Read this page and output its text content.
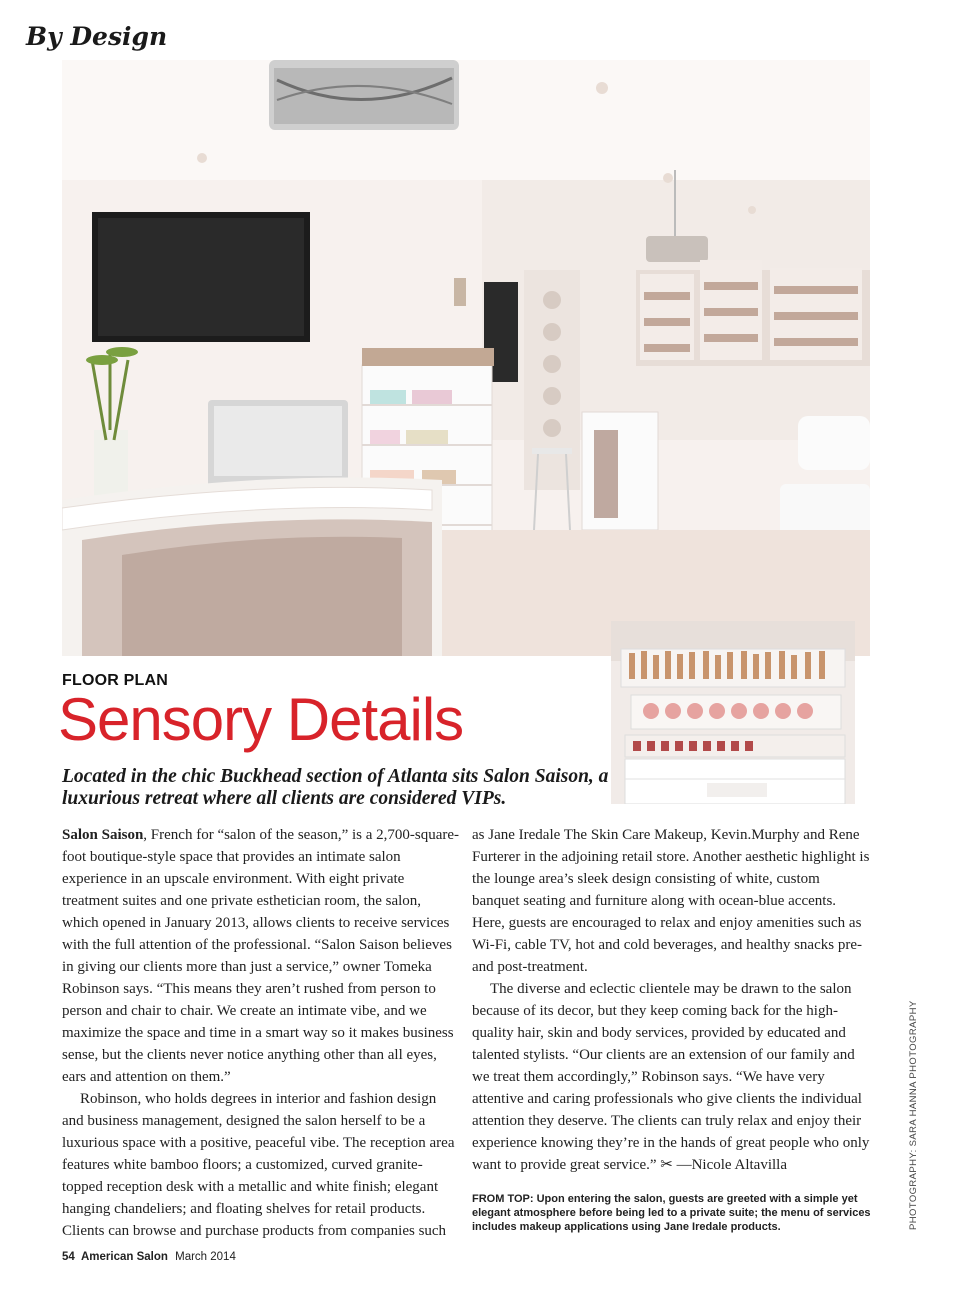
By Design
FLOOR PLAN
Sensory Details
Located in the chic Buckhead section of Atlanta sits Salon Saison, a luxurious retreat where all clients are considered VIPs.

Salon Saison, French for “salon of the season,” is a 2,700-square-foot boutique-style space that provides an intimate salon experience in an upscale environment. With eight private treatment suites and one private esthetician room, the salon, which opened in January 2013, allows clients to receive services with the full attention of the professional. “Salon Saison believes in giving our clients more than just a service,” owner Tomeka Robinson says. “This means they aren’t rushed from person to person and chair to chair. We create an intimate vibe, and we maximize the space and time in a smart way so it makes business sense, but the clients never notice anything other than all eyes, ears and attention on them.”

Robinson, who holds degrees in interior and fashion design and business management, designed the salon herself to be a luxurious space with a positive, peaceful vibe. The reception area features white bamboo floors; a customized, curved granite-topped reception desk with a metallic and white finish; elegant hanging chandeliers; and floating shelves for retail products. Clients can browse and purchase products from companies such

as Jane Iredale The Skin Care Makeup, Kevin.Murphy and Rene Furterer in the adjoining retail store. Another aesthetic highlight is the lounge area’s sleek design consisting of white, custom banquet seating and furniture along with ocean-blue accents. Here, guests are encouraged to relax and enjoy amenities such as Wi-Fi, cable TV, hot and cold beverages, and healthy snacks pre- and post-treatment.

The diverse and eclectic clientele may be drawn to the salon because of its decor, but they keep coming back for the high-quality hair, skin and body services, provided by educated and talented stylists. “Our clients are an extension of our family and we treat them accordingly,” Robinson says. “We have very attentive and caring professionals who give clients the individual attention they deserve. The clients can truly relax and enjoy their experience knowing they’re in the hands of great people who only want to provide great service.” ✂ —Nicole Altavilla

FROM TOP: Upon entering the salon, guests are greeted with a simple yet elegant atmosphere before being led to a private suite; the menu of services includes makeup applications using Jane Iredale products.	PHOTOGRAPHY: SARA HANNA PHOTOGRAPHY
54 American Salon March 2014
